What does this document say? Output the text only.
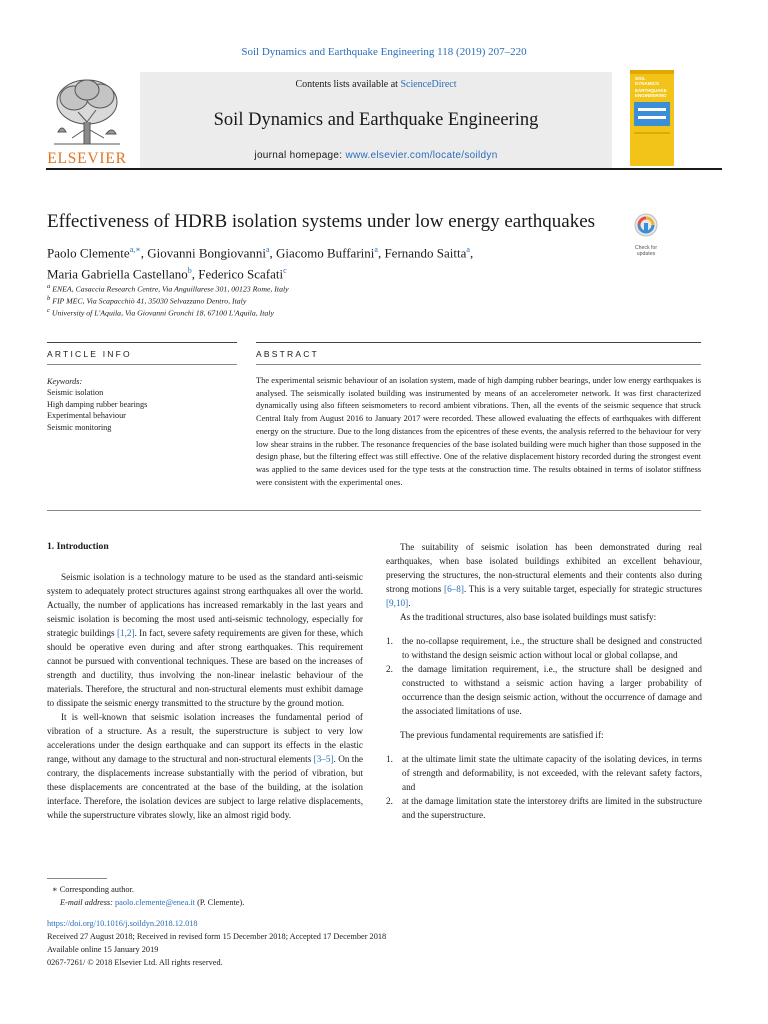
Soil Dynamics and Earthquake Engineering 118 (2019) 207–220
Contents lists available at ScienceDirect
Soil Dynamics and Earthquake Engineering
journal homepage: www.elsevier.com/locate/soildyn
ELSEVIER
SOIL
DYNAMICS
EARTHQUAKE
ENGINEERING
Effectiveness of HDRB isolation systems under low energy earthquakes
Check for
updates
Paolo Clemente$^{a,∗}$, Giovanni Bongiovanni$^a$, Giacomo Buffarini$^a$, Fernando Saitta$^a$,
Maria Gabriella Castellano$^b$, Federico Scafati$^c$
$^a$ ENEA, Casaccia Research Centre, Via Anguillarese 301, 00123 Rome, Italy
$^b$ FIP MEC, Via Scapacchiò 41, 35030 Selvazzano Dentro, Italy
$^c$ University of L'Aquila, Via Giovanni Gronchi 18, 67100 L'Aquila, Italy
ARTICLE INFO	ABSTRACT
Keywords:
Seismic isolation
High damping rubber bearings
Experimental behaviour
Seismic monitoring
The experimental seismic behaviour of an isolation system, made of high damping rubber bearings, under low energy earthquakes is analysed. The seismically isolated building was instrumented by means of an accelerometer network. It was first characterized dynamically using also fifteen seismometers to record ambient vibrations. Then, all the events of the seismic sequence that struck Central Italy from August 2016 to January 2017 were recorded. These allowed evaluating the effects of earthquakes with different energy on the structure. Due to the long distances from the epicentres of these events, the analysis referred to the behaviour for very low shear strains in the rubber. The resonance frequencies of the base isolated building were much higher than those supposed in the design phase, but the filtering effect was still effective. One of the relative displacement history recorded during the strongest event was applied to the same devices used for the type tests at the construction time. The results obtained in terms of isolator stiffness were consistent with the experimental ones.
1. Introduction

Seismic isolation is a technology mature to be used as the standard anti-seismic system to adequately protect structures against strong earthquakes all over the world. Actually, the number of applications has increased remarkably in the last years and seismic isolation is becoming the most used anti-seismic technology, especially for strategic buildings [1,2]. In fact, severe safety requirements are given for these, which should be operative even during and after strong earthquakes. This requirement cannot be pursued with conventional techniques. These are based on the increases of strength and ductility, thus involving the non-linear inelastic behaviour of the materials. Therefore, the structural and non-structural elements must exhibit damage to dissipate the seismic energy transmitted to the structure by the ground motion.

It is well-known that seismic isolation increases the fundamental period of vibration of a structure. As a result, the superstructure is subject to very low accelerations under the design earthquake and can support its effects in the elastic range, without any damage to the structural and non-structural elements [3–5]. On the contrary, the displacements increase substantially with the period of vibration, but these displacements are concentrated at the base of the building, at the isolation interface. Therefore, the isolation devices are subject to large relative displacements, while the superstructure vibrates slowly, like an almost rigid body.

The suitability of seismic isolation has been demonstrated during real earthquakes, when base isolated buildings exhibited an excellent behaviour, preserving the structures, the non-structural elements and their contents also during strong motions [6–8]. This is a very suitable target, especially for strategic structures [9,10].

As the traditional structures, also base isolated buildings must satisfy:

1. the no-collapse requirement, i.e., the structure shall be designed and constructed to withstand the design seismic action without local or global collapse, and
2. the damage limitation requirement, i.e., the structure shall be designed and constructed to withstand a seismic action having a larger probability of occurrence than the design seismic action, without the occurrence of damage and the associated limitations of use.

The previous fundamental requirements are satisfied if:

1. at the ultimate limit state the ultimate capacity of the isolating devices, in terms of strength and deformability, is not exceeded, with the relevant safety factors, and
2. at the damage limitation state the interstorey drifts are limited in the substructure and the superstructure.
∗ Corresponding author.
E-mail address: paolo.clemente@enea.it (P. Clemente).
https://doi.org/10.1016/j.soildyn.2018.12.018
Received 27 August 2018; Received in revised form 15 December 2018; Accepted 17 December 2018
Available online 15 January 2019
0267-7261/ © 2018 Elsevier Ltd. All rights reserved.
